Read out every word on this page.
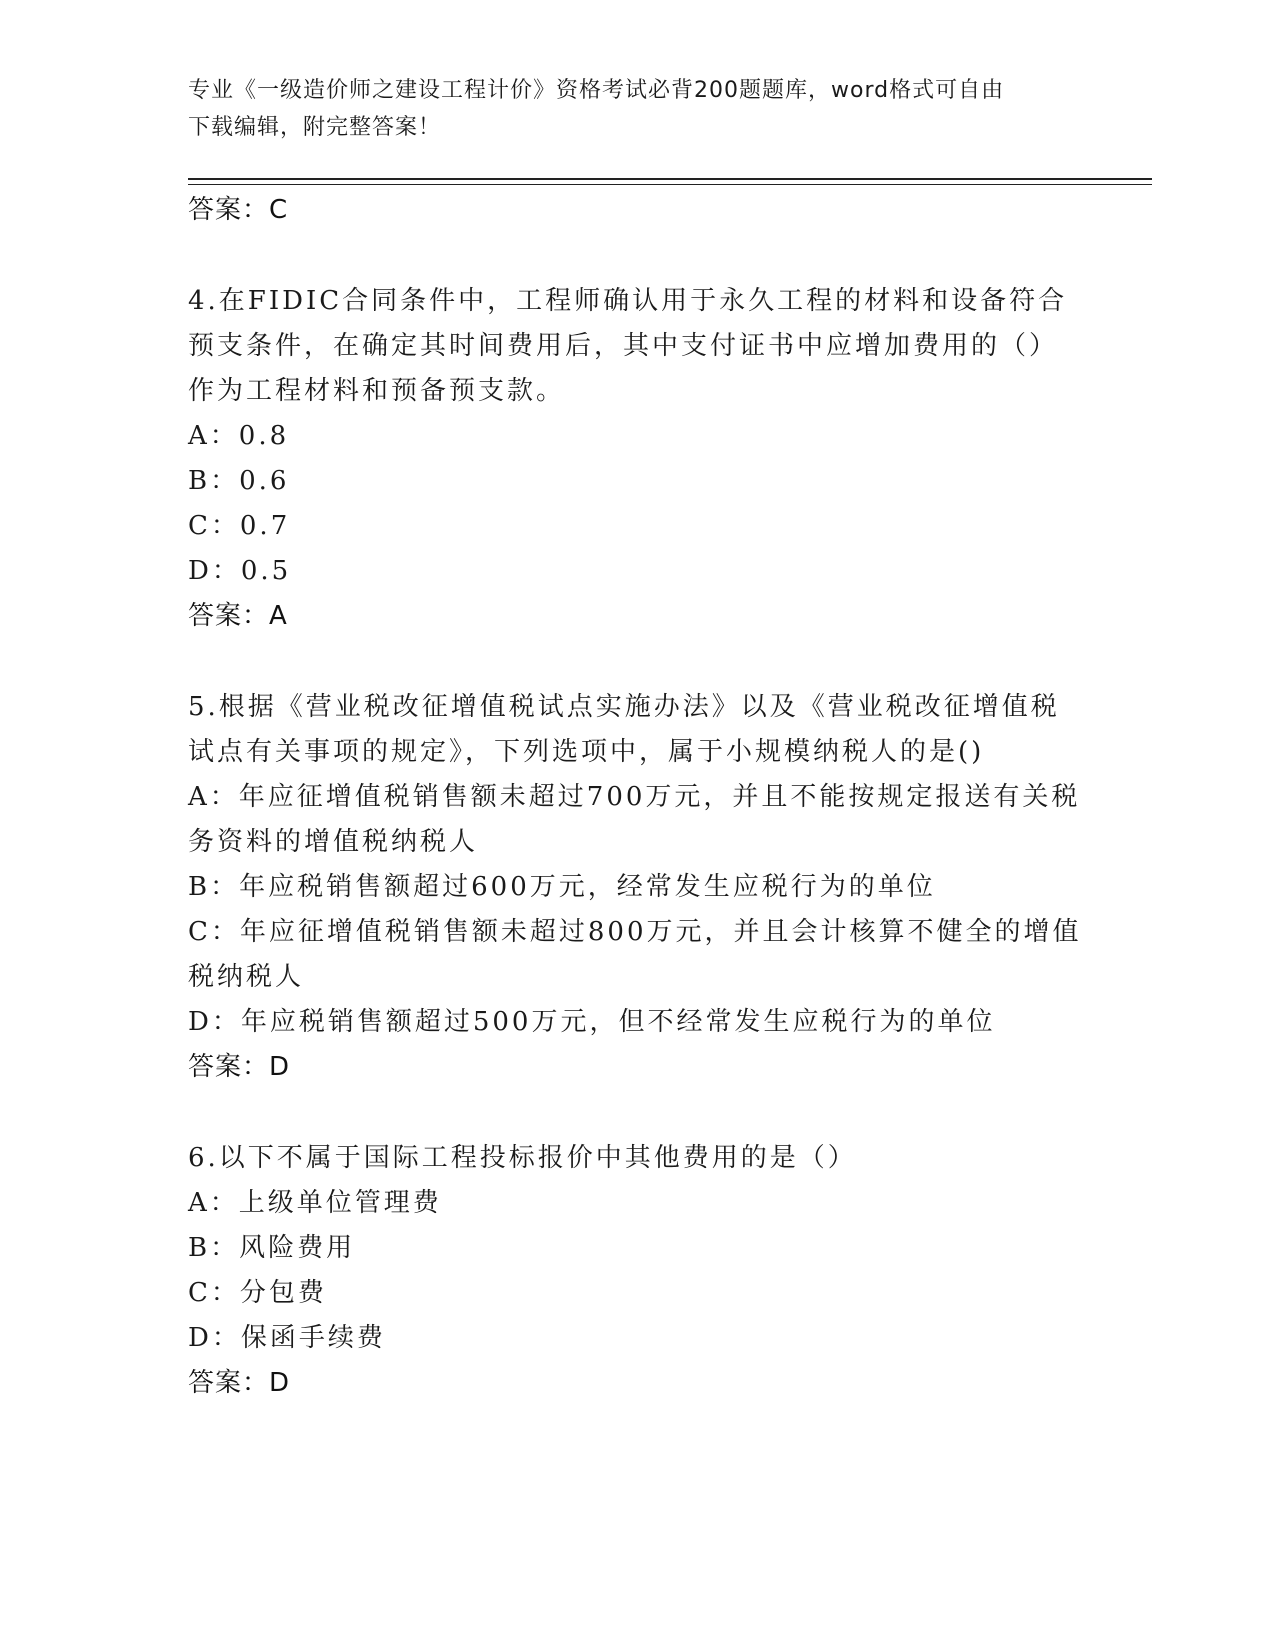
专业《一级造价师之建设工程计价》资格考试必背200题题库，word格式可自由
下载编辑，附完整答案！
答案：C
4.在FIDIC合同条件中，工程师确认用于永久工程的材料和设备符合
预支条件，在确定其时间费用后，其中支付证书中应增加费用的（）
作为工程材料和预备预支款。
A：0.8
B：0.6
C：0.7
D：0.5
答案：A
5.根据《营业税改征增值税试点实施办法》以及《营业税改征增值税
试点有关事项的规定》，下列选项中，属于小规模纳税人的是()
A：年应征增值税销售额未超过700万元，并且不能按规定报送有关税
务资料的增值税纳税人
B：年应税销售额超过600万元，经常发生应税行为的单位
C：年应征增值税销售额未超过800万元，并且会计核算不健全的增值
税纳税人
D：年应税销售额超过500万元，但不经常发生应税行为的单位
答案：D
6.以下不属于国际工程投标报价中其他费用的是（）
A：上级单位管理费
B：风险费用
C：分包费
D：保函手续费
答案：D
